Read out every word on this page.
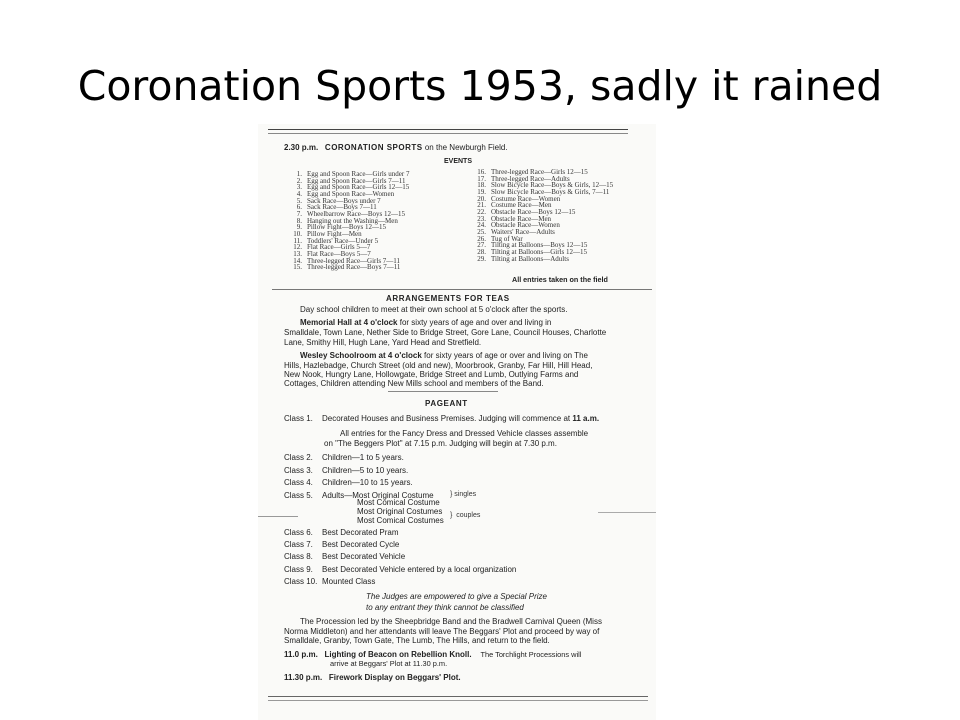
Coronation Sports 1953, sadly it rained
2.30 p.m. CORONATION SPORTS on the Newburgh Field.
EVENTS
1. Egg and Spoon Race—Girls under 7
2. Egg and Spoon Race—Girls 7—11
3. Egg and Spoon Race—Girls 12—15
4. Egg and Spoon Race—Women
5. Sack Race—Boys under 7
6. Sack Race—Boys 7—11
7. Wheelbarrow Race—Boys 12—15
8. Hanging out the Washing—Men
9. Pillow Fight—Boys 12—15
10. Pillow Fight—Men
11. Toddlers' Race—Under 5
12. Flat Race—Girls 5—7
13. Flat Race—Boys 5—7
14. Three-legged Race—Girls 7—11
15. Three-legged Race—Boys 7—11
16. Three-legged Race—Girls 12—15
17. Three-legged Race—Adults
18. Slow Bicycle Race—Boys & Girls, 12—15
19. Slow Bicycle Race—Boys & Girls, 7—11
20. Costume Race—Women
21. Costume Race—Men
22. Obstacle Race—Boys 12—15
23. Obstacle Race—Men
24. Obstacle Race—Women
25. Waiters' Race—Adults
26. Tug of War
27. Tilting at Balloons—Boys 12—15
28. Tilting at Balloons—Girls 12—15
29. Tilting at Balloons—Adults
All entries taken on the field
ARRANGEMENTS FOR TEAS
Day school children to meet at their own school at 5 o'clock after the sports.
Memorial Hall at 4 o'clock for sixty years of age and over and living in
Smalldale, Town Lane, Nether Side to Bridge Street, Gore Lane, Council Houses, Charlotte
Lane, Smithy Hill, Hugh Lane, Yard Head and Stretfield.
Wesley Schoolroom at 4 o'clock for sixty years of age or over and living on The
Hills, Hazlebadge, Church Street (old and new), Moorbrook, Granby, Far Hill, Hill Head,
New Nook, Hungry Lane, Hollowgate, Bridge Street and Lumb, Outlying Farms and
Cottages, Children attending New Mills school and members of the Band.
PAGEANT
Class 1. Decorated Houses and Business Premises. Judging will commence at 11 a.m.
All entries for the Fancy Dress and Dressed Vehicle classes assemble
on "The Beggers Plot" at 7.15 p.m. Judging will begin at 7.30 p.m.
Class 2. Children—1 to 5 years.
Class 3. Children—5 to 10 years.
Class 4. Children—10 to 15 years.
Class 5. Adults—Most Original Costume
Most Comical Costume
Most Original Costumes
Most Comical Costumes
} singles
}  couples
Class 6. Best Decorated Pram
Class 7. Best Decorated Cycle
Class 8. Best Decorated Vehicle
Class 9. Best Decorated Vehicle entered by a local organization
Class 10. Mounted Class
The Judges are empowered to give a Special Prize
to any entrant they think cannot be classified
The Procession led by the Sheepbridge Band and the Bradwell Carnival Queen (Miss
Norma Middleton) and her attendants will leave The Beggars' Plot and proceed by way of
Smalldale, Granby, Town Gate, The Lumb, The Hills, and return to the field.
11.0 p.m. Lighting of Beacon on Rebellion Knoll. The Torchlight Processions will
arrive at Beggars' Plot at 11.30 p.m.
11.30 p.m. Firework Display on Beggars' Plot.
